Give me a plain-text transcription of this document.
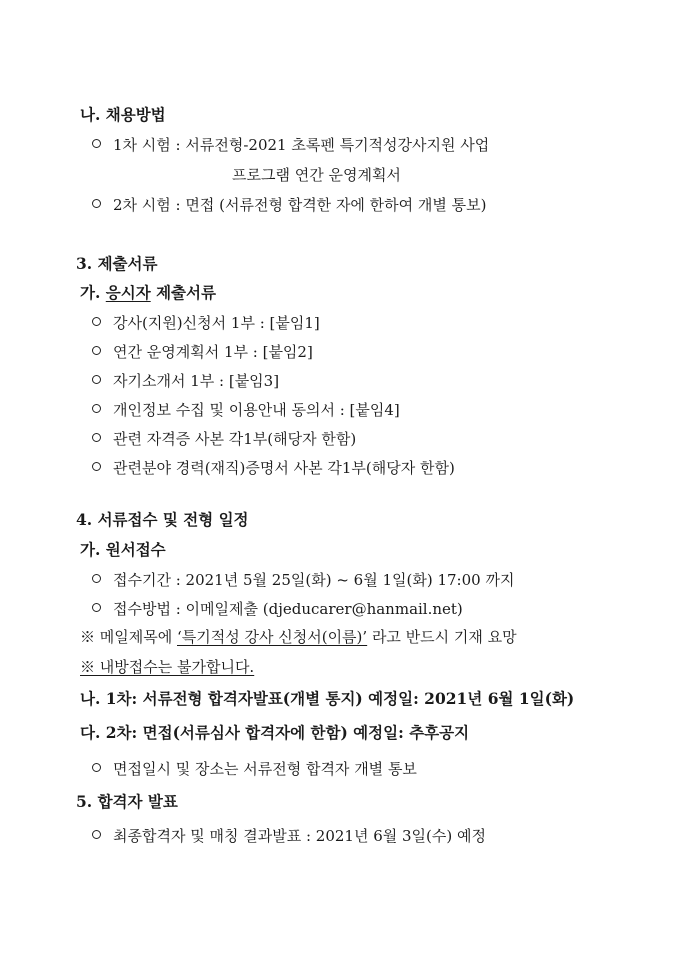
나. 채용방법
1차 시험 : 서류전형-2021 초록펜 특기적성강사지원 사업
프로그램 연간 운영계획서
2차 시험 : 면접 (서류전형 합격한 자에 한하여 개별 통보)
3. 제출서류
가. 응시자 제출서류
강사(지원)신청서 1부 : [붙임1]
연간 운영계획서 1부 : [붙임2]
자기소개서 1부 : [붙임3]
개인정보 수집 및 이용안내 동의서 : [붙임4]
관련 자격증 사본 각1부(해당자 한함)
관련분야 경력(재직)증명서 사본 각1부(해당자 한함)
4. 서류접수 및 전형 일정
가. 원서접수
접수기간 : 2021년 5월 25일(화) ~ 6월 1일(화) 17:00 까지
접수방법 : 이메일제출 (djeducarer@hanmail.net)
※ 메일제목에 ‘특기적성 강사 신청서(이름)’ 라고 반드시 기재 요망
※ 내방접수는 불가합니다.
나. 1차: 서류전형 합격자발표(개별 통지) 예정일: 2021년 6월 1일(화)
다. 2차: 면접(서류심사 합격자에 한함) 예정일: 추후공지
면접일시 및 장소는 서류전형 합격자 개별 통보
5. 합격자 발표
최종합격자 및 매칭 결과발표 : 2021년 6월 3일(수) 예정
